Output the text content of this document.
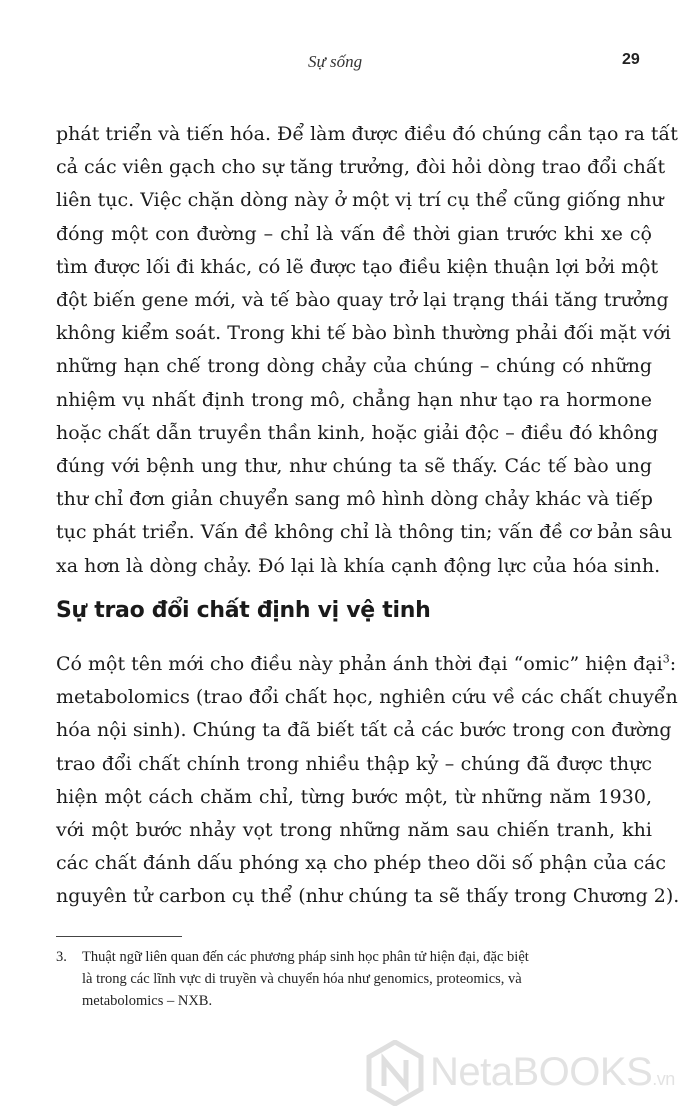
Sự sống	29
phát triển và tiến hóa. Để làm được điều đó chúng cần tạo ra tất
cả các viên gạch cho sự tăng trưởng, đòi hỏi dòng trao đổi chất
liên tục. Việc chặn dòng này ở một vị trí cụ thể cũng giống như
đóng một con đường – chỉ là vấn đề thời gian trước khi xe cộ
tìm được lối đi khác, có lẽ được tạo điều kiện thuận lợi bởi một
đột biến gene mới, và tế bào quay trở lại trạng thái tăng trưởng
không kiểm soát. Trong khi tế bào bình thường phải đối mặt với
những hạn chế trong dòng chảy của chúng – chúng có những
nhiệm vụ nhất định trong mô, chẳng hạn như tạo ra hormone
hoặc chất dẫn truyền thần kinh, hoặc giải độc – điều đó không
đúng với bệnh ung thư, như chúng ta sẽ thấy. Các tế bào ung
thư chỉ đơn giản chuyển sang mô hình dòng chảy khác và tiếp
tục phát triển. Vấn đề không chỉ là thông tin; vấn đề cơ bản sâu
xa hơn là dòng chảy. Đó lại là khía cạnh động lực của hóa sinh.
Sự trao đổi chất định vị vệ tinh
Có một tên mới cho điều này phản ánh thời đại “omic” hiện đại$^3$:
metabolomics (trao đổi chất học, nghiên cứu về các chất chuyển
hóa nội sinh). Chúng ta đã biết tất cả các bước trong con đường
trao đổi chất chính trong nhiều thập kỷ – chúng đã được thực
hiện một cách chăm chỉ, từng bước một, từ những năm 1930,
với một bước nhảy vọt trong những năm sau chiến tranh, khi
các chất đánh dấu phóng xạ cho phép theo dõi số phận của các
nguyên tử carbon cụ thể (như chúng ta sẽ thấy trong Chương 2).
3. Thuật ngữ liên quan đến các phương pháp sinh học phân tử hiện đại, đặc biệt
là trong các lĩnh vực di truyền và chuyển hóa như genomics, proteomics, và
metabolomics – NXB.
NetaBOOKS.vn
